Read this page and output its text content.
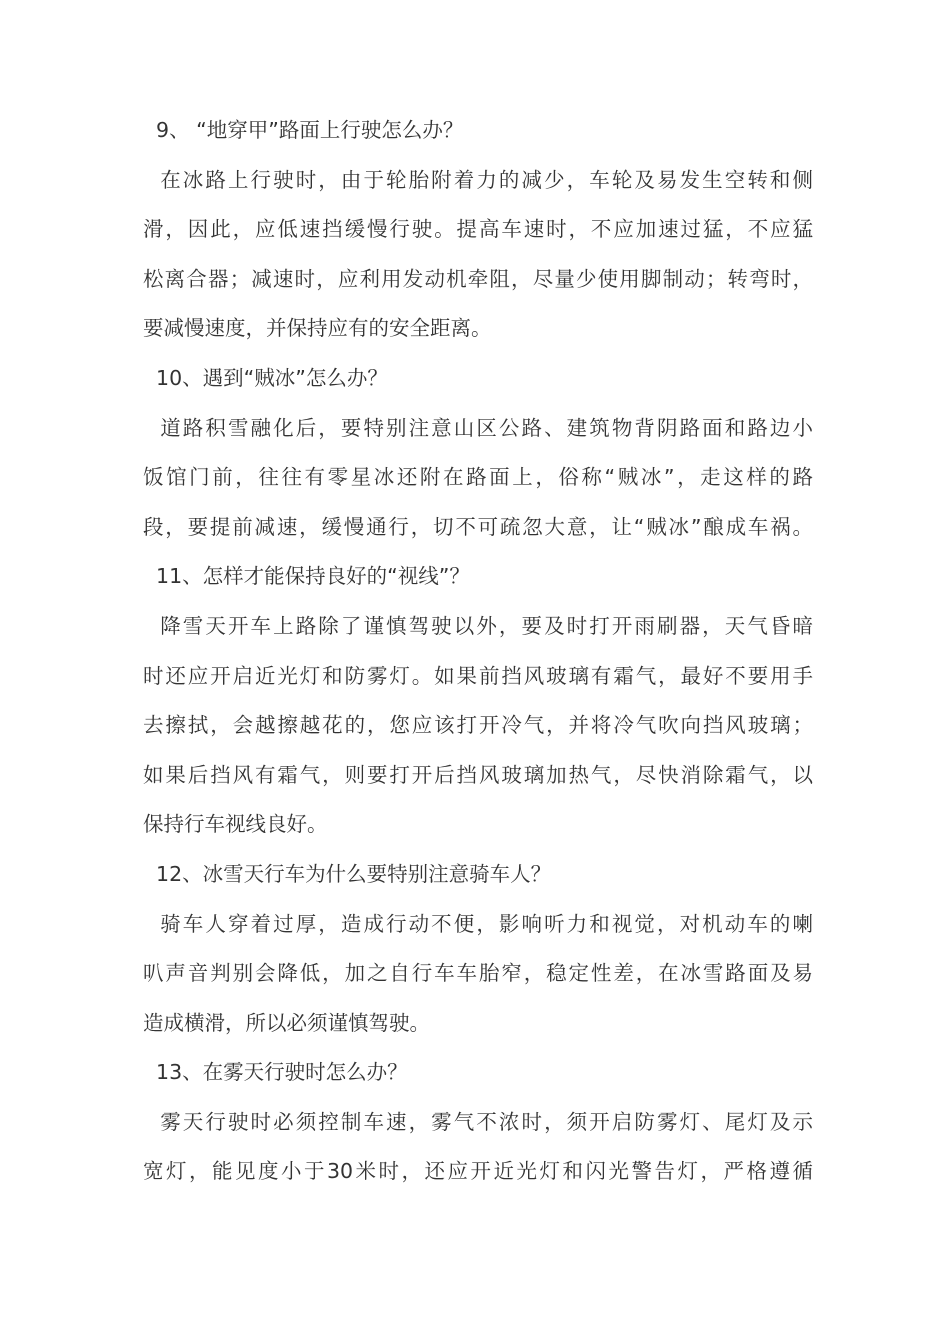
9、 “地穿甲”路面上行驶怎么办？
在冰路上行驶时，由于轮胎附着力的减少，车轮及易发生空转和侧
滑，因此，应低速挡缓慢行驶。提高车速时，不应加速过猛，不应猛
松离合器；减速时，应利用发动机牵阻，尽量少使用脚制动；转弯时，
要减慢速度，并保持应有的安全距离。
10、遇到“贼冰”怎么办？
道路积雪融化后，要特别注意山区公路、建筑物背阴路面和路边小
饭馆门前，往往有零星冰还附在路面上，俗称“贼冰”，走这样的路
段，要提前减速，缓慢通行，切不可疏忽大意，让“贼冰”酿成车祸。
11、怎样才能保持良好的“视线”？
降雪天开车上路除了谨慎驾驶以外，要及时打开雨刷器，天气昏暗
时还应开启近光灯和防雾灯。如果前挡风玻璃有霜气，最好不要用手
去擦拭，会越擦越花的，您应该打开冷气，并将冷气吹向挡风玻璃；
如果后挡风有霜气，则要打开后挡风玻璃加热气，尽快消除霜气，以
保持行车视线良好。
12、冰雪天行车为什么要特别注意骑车人？
骑车人穿着过厚，造成行动不便，影响听力和视觉，对机动车的喇
叭声音判别会降低，加之自行车车胎窄，稳定性差，在冰雪路面及易
造成横滑，所以必须谨慎驾驶。
13、在雾天行驶时怎么办？
雾天行驶时必须控制车速，雾气不浓时，须开启防雾灯、尾灯及示
宽灯，能见度小于30米时，还应开近光灯和闪光警告灯，严格遵循
